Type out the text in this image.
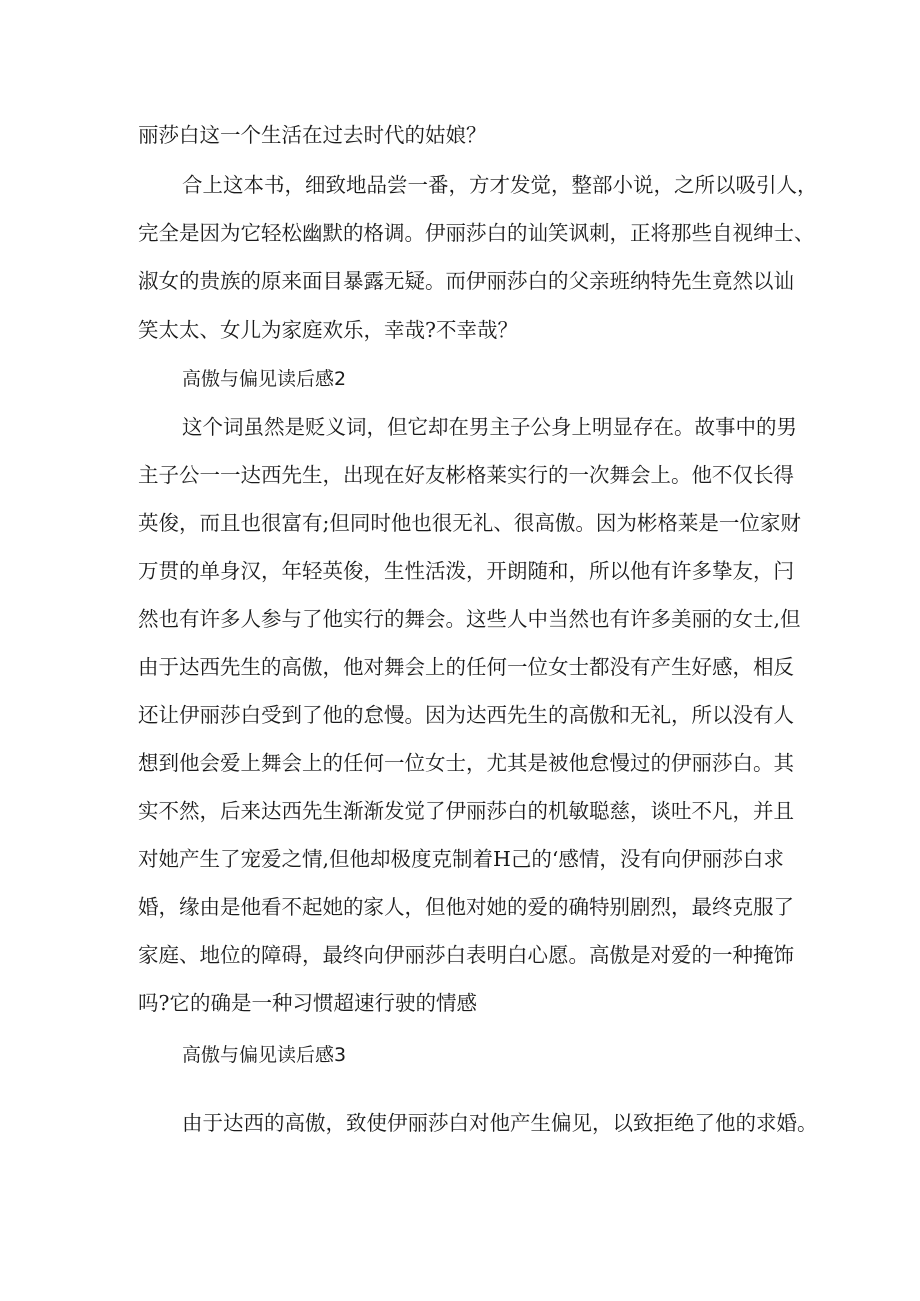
丽莎白这一个生活在过去时代的姑娘？
合上这本书，细致地品尝一番，方才发觉，整部小说，之所以吸引人，
完全是因为它轻松幽默的格调。伊丽莎白的讪笑讽刺，正将那些自视绅士、
淑女的贵族的原来面目暴露无疑。而伊丽莎白的父亲班纳特先生竟然以讪
笑太太、女儿为家庭欢乐，幸哉?不幸哉？
高傲与偏见读后感2
这个词虽然是贬义词，但它却在男主子公身上明显存在。故事中的男
主子公一一达西先生，出现在好友彬格莱实行的一次舞会上。他不仅长得
英俊，而且也很富有;但同时他也很无礼、很高傲。因为彬格莱是一位家财
万贯的单身汉，年轻英俊，生性活泼，开朗随和，所以他有许多挚友，闩
然也有许多人参与了他实行的舞会。这些人中当然也有许多美丽的女士,但
由于达西先生的高傲，他对舞会上的任何一位女士都没有产生好感，相反
还让伊丽莎白受到了他的怠慢。因为达西先生的高傲和无礼，所以没有人
想到他会爱上舞会上的任何一位女士，尤其是被他怠慢过的伊丽莎白。其
实不然，后来达西先生渐渐发觉了伊丽莎白的机敏聪慈，谈吐不凡，并且
对她产生了宠爱之情,但他却极度克制着H己的‘感情，没有向伊丽莎白求
婚，缘由是他看不起她的家人，但他对她的爱的确特别剧烈，最终克服了
家庭、地位的障碍，最终向伊丽莎白表明白心愿。高傲是对爱的一种掩饰
吗?它的确是一种习惯超速行驶的情感
高傲与偏见读后感3
由于达西的高傲，致使伊丽莎白对他产生偏见，以致拒绝了他的求婚。
